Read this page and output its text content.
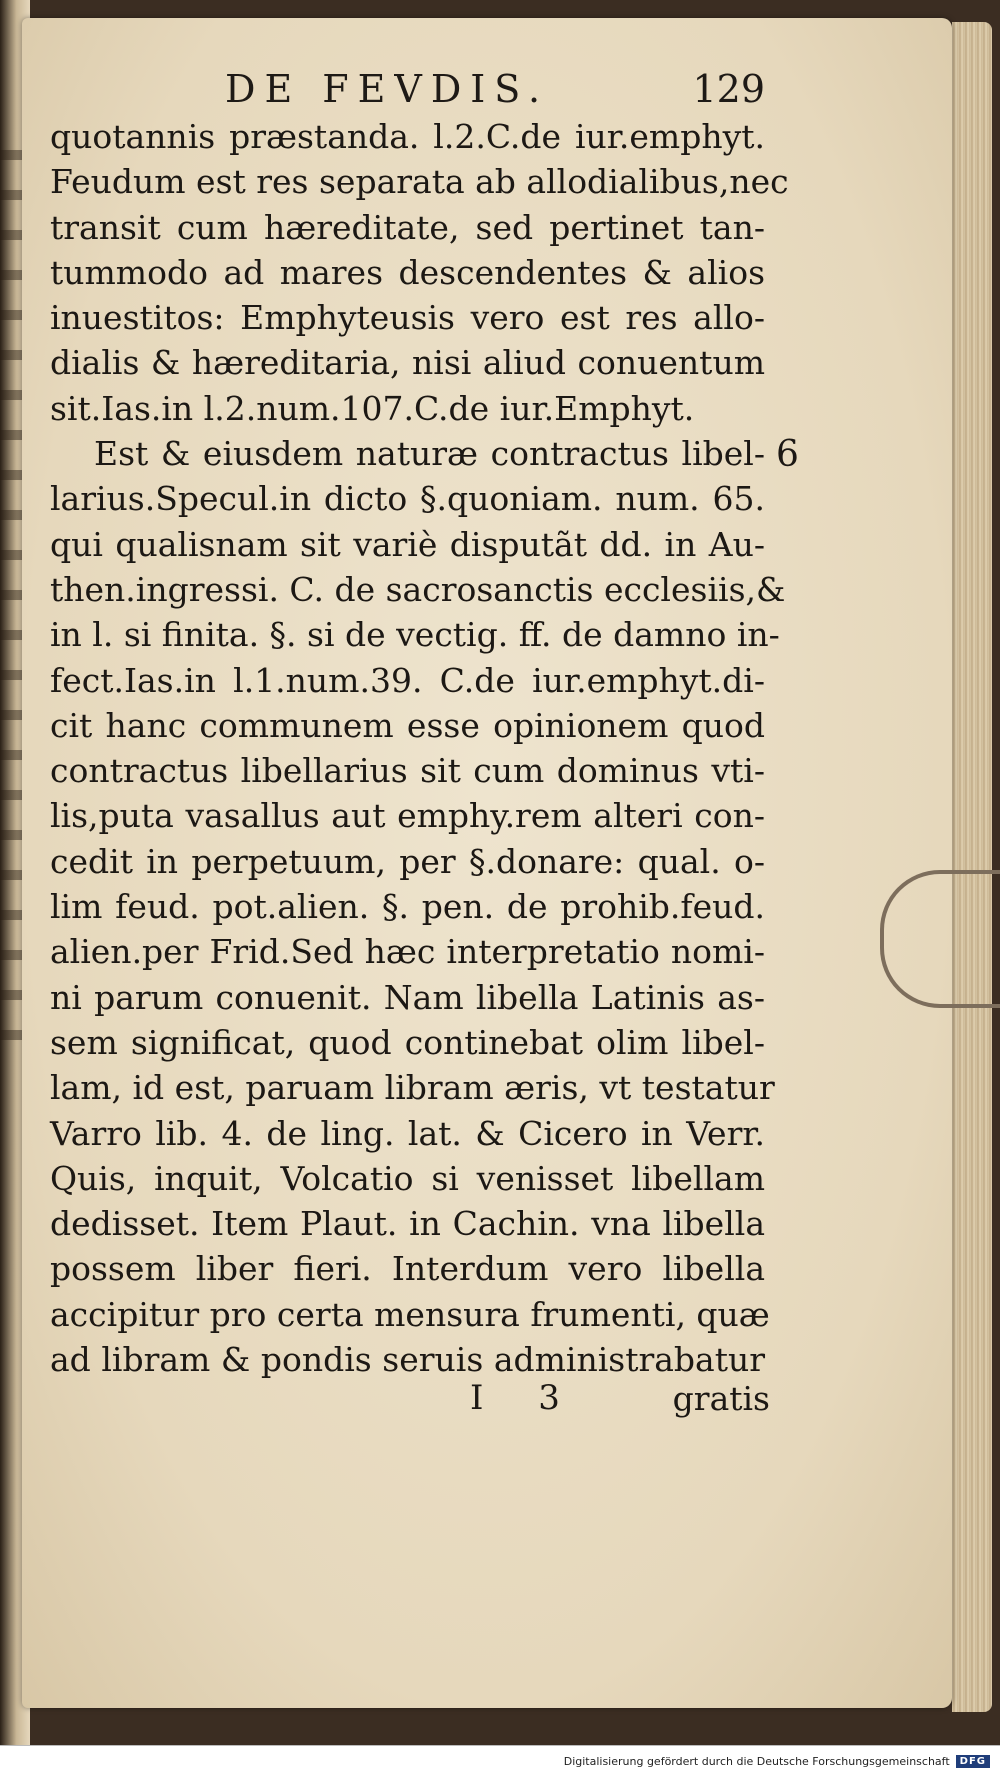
DE FEVDIS.	129
quotannis præstanda. l.2.C.de iur.emphyt.
Feudum est res separata ab allodialibus,nec
transit cum hæreditate, sed pertinet tan-
tummodo ad mares descendentes & alios
inuestitos: Emphyteusis vero est res allo-
dialis & hæreditaria, nisi aliud conuentum
sit.Ias.in l.2.num.107.C.de iur.Emphyt.
Est & eiusdem naturæ contractus libel-
larius.Specul.in dicto §.quoniam. num. 65.
qui qualisnam sit variè disputãt dd. in Au-
then.ingressi. C. de sacrosanctis ecclesiis,&
in l. si finita. §. si de vectig. ff. de damno in-
fect.Ias.in l.1.num.39. C.de iur.emphyt.di-
cit hanc communem esse opinionem quod
contractus libellarius sit cum dominus vti-
lis,puta vasallus aut emphy.rem alteri con-
cedit in perpetuum, per §.donare: qual. o-
lim feud. pot.alien. §. pen. de prohib.feud.
alien.per Frid.Sed hæc interpretatio nomi-
ni parum conuenit. Nam libella Latinis as-
sem significat, quod continebat olim libel-
lam, id est, paruam libram æris, vt testatur
Varro lib. 4. de ling. lat. & Cicero in Verr.
Quis, inquit, Volcatio si venisset libellam
dedisset. Item Plaut. in Cachin. vna libella
possem liber fieri. Interdum vero libella
accipitur pro certa mensura frumenti, quæ
ad libram & pondis seruis administrabatur
6
I 3	gratis
Digitalisierung gefördert durch die Deutsche Forschungsgemeinschaft	DFG
